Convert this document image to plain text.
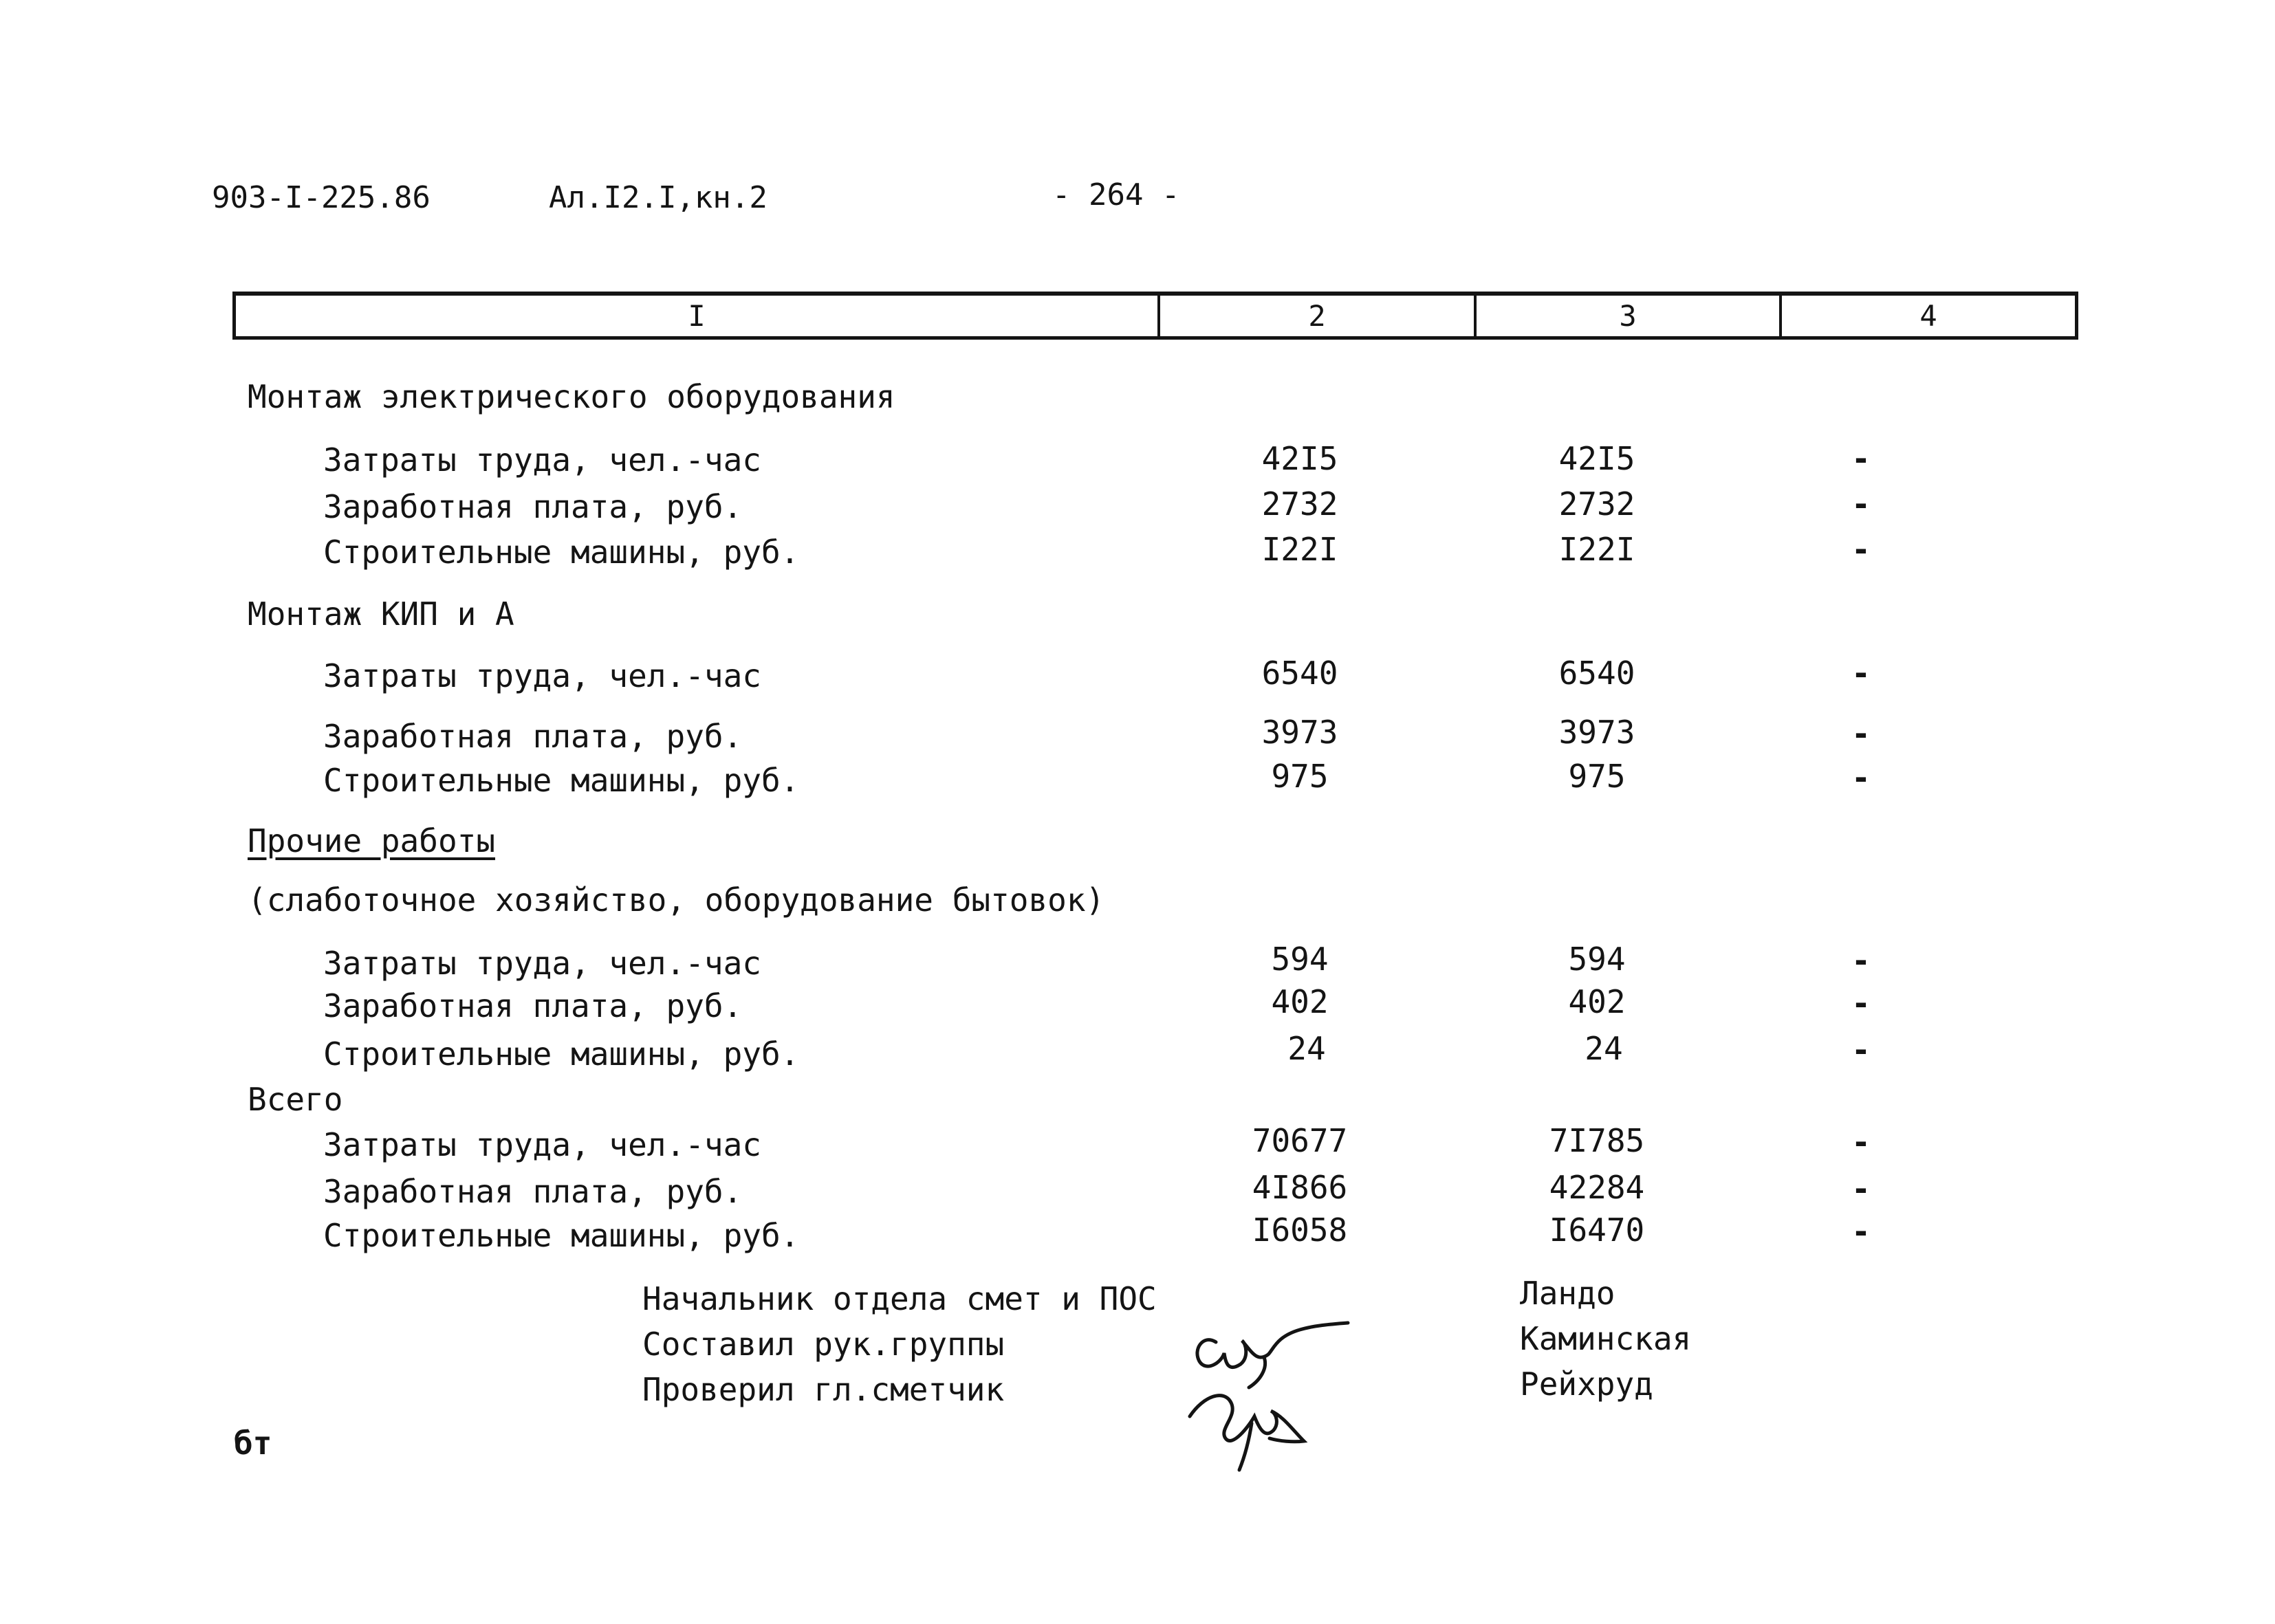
903-I-225.86	Ал.I2.I,кн.2	- 264 -
I	2	3	4
Монтаж электрического оборудования
Затраты труда, чел.-час	42I5	42I5	-
Заработная плата, руб.	2732	2732	-
Строительные машины, руб.	I22I	I22I	-
Монтаж КИП и А
Затраты труда, чел.-час	6540	6540	-
Заработная плата, руб.	3973	3973	-
Строительные машины, руб.	975	975	-
Прочие работы
(слаботочное хозяйство, оборудование бытовок)
Затраты труда, чел.-час	594	594	-
Заработная плата, руб.	402	402	-
Строительные машины, руб.	24	24	-
Всего
Затраты труда, чел.-час	70677	7I785	-
Заработная плата, руб.	4I866	42284	-
Строительные машины, руб.	I6058	I6470	-
Начальник отдела смет и ПОС	Ландо
Составил рук.группы	Каминская
Проверил гл.сметчик	Рейхруд
бт
